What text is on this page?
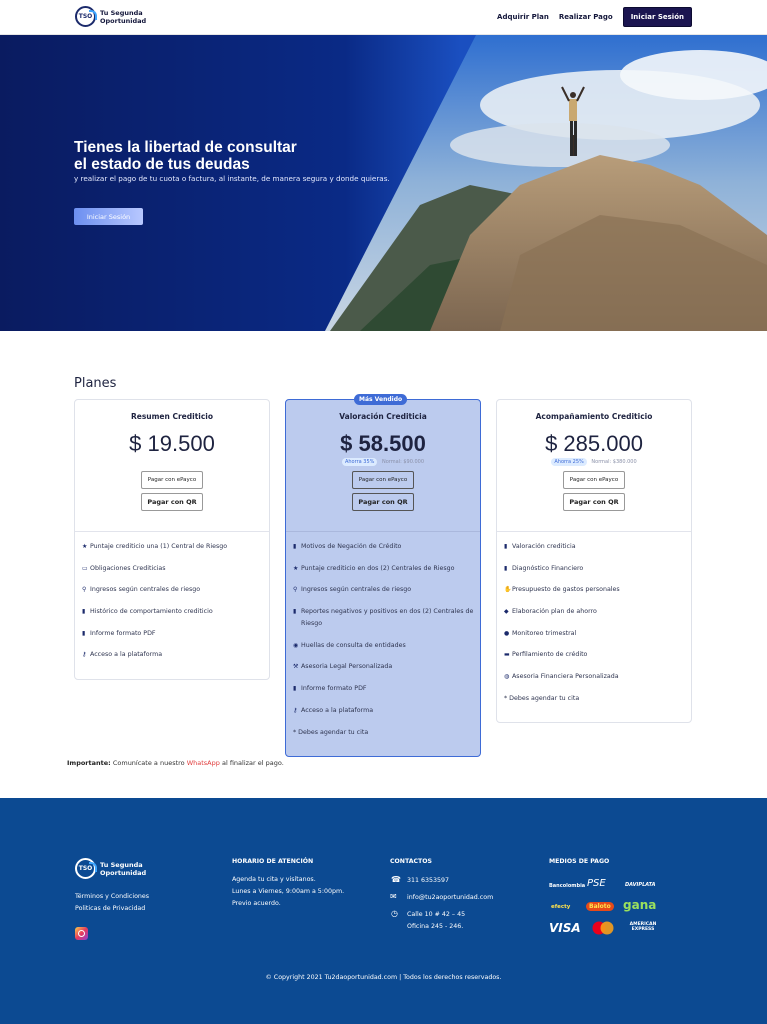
TSO	Tu Segunda
Oportunidad	Adquirir Plan Realizar Pago	Iniciar Sesión
Tienes la libertad de consultar
el estado de tus deudas
y realizar el pago de tu cuota o factura, al instante, de manera segura y donde quieras.
Iniciar Sesión
Planes
Resumen Crediticio
$ 19.500
Pagar con ePayco
Pagar con QR
★ Puntaje crediticio una (1) Central de Riesgo
▭ Obligaciones Crediticias
⚲ Ingresos según centrales de riesgo
▮ Histórico de comportamiento crediticio
▮ Informe formato PDF
⚷ Acceso a la plataforma
Más Vendido
Valoración Crediticia
$ 58.500
Ahorra 35% Normal: $90.000
Pagar con ePayco
Pagar con QR
▮ Motivos de Negación de Crédito
★ Puntaje crediticio en dos (2) Centrales de Riesgo
⚲ Ingresos según centrales de riesgo
▮ Reportes negativos y positivos en dos (2) Centrales de Riesgo
◉ Huellas de consulta de entidades
⚒ Asesoria Legal Personalizada
▮ Informe formato PDF
⚷ Acceso a la plataforma
* Debes agendar tu cita
Acompañamiento Crediticio
$ 285.000
Ahorra 25% Normal: $380.000
Pagar con ePayco
Pagar con QR
▮ Valoración crediticia
▮ Diagnóstico Financiero
✋ Presupuesto de gastos personales
◆ Elaboración plan de ahorro
● Monitoreo trimestral
▬ Perfilamiento de crédito
◍ Asesoria Financiera Personalizada
* Debes agendar tu cita
Importante: Comunícate a nuestro WhatsApp al finalizar el pago.
TSO	Tu Segunda
Oportunidad
Términos y Condiciones
Politicas de Privacidad
HORARIO DE ATENCIÓN
Agenda tu cita y visítanos.
Lunes a Viernes, 9:00am a 5:00pm.
Previo acuerdo.
CONTACTOS
☎ 311 6353597
✉ info@tu2aoportunidad.com
◷ Calle 10 # 42 – 45
Oficina 245 - 246.
MEDIOS DE PAGO
Bancolombia PSE	DAVIPLATA
efecty	Baloto gana
VISA	AMERICAN EXPRESS
© Copyright 2021 Tu2daoportunidad.com | Todos los derechos reservados.
